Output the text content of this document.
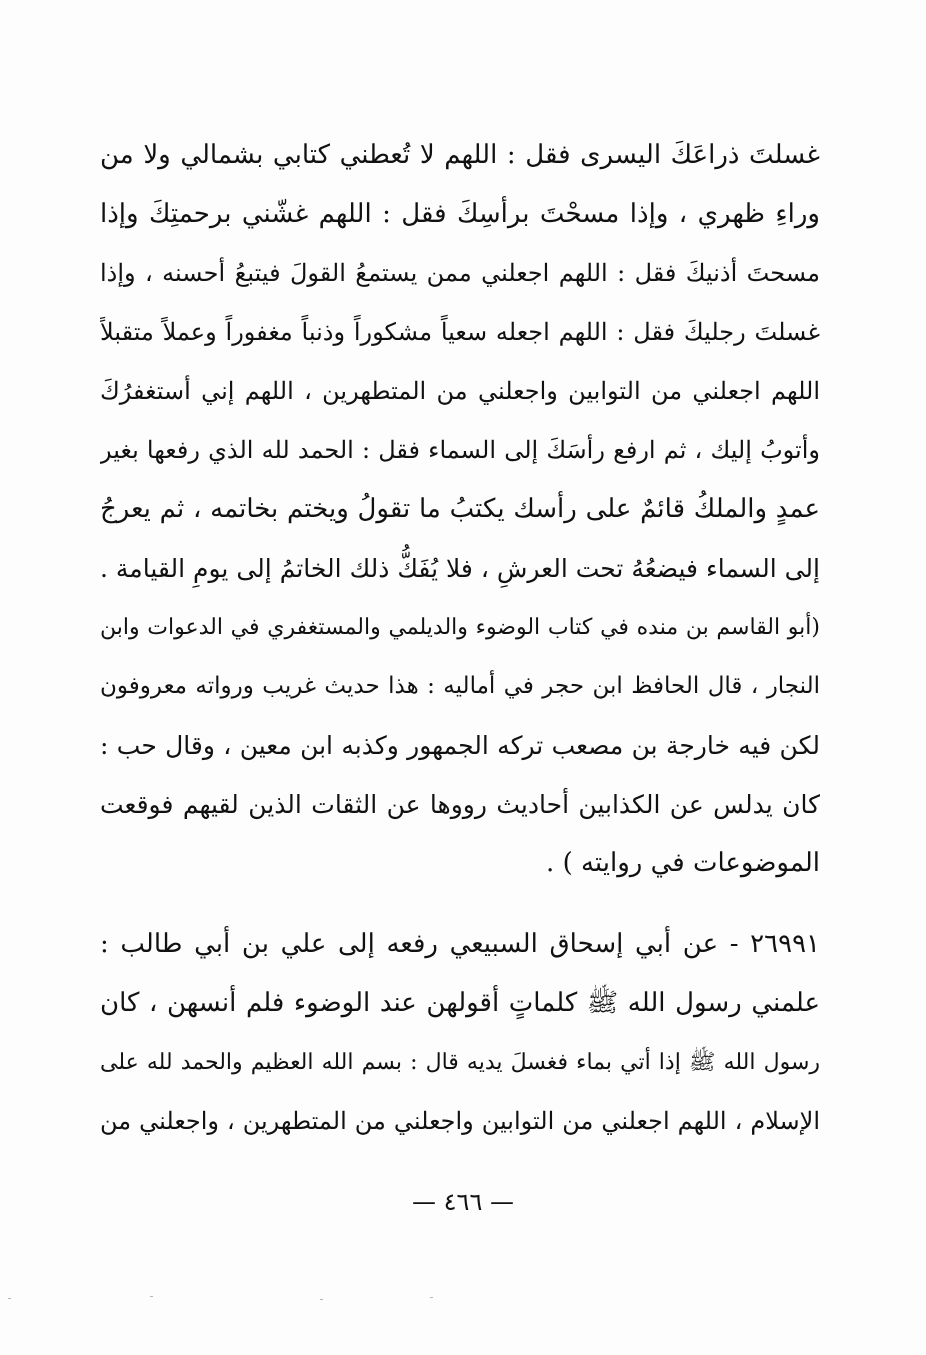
غسلتَ ذراعَكَ اليسرى فقل : اللهم لا تُعطني كتابي بشمالي ولا من
وراءِ ظهري ، وإذا مسحْتَ برأسِكَ فقل : اللهم غشّني برحمتِكَ وإذا
مسحتَ أذنيكَ فقل : اللهم اجعلني ممن يستمعُ القولَ فيتبعُ أحسنه ، وإذا
غسلتَ رجليكَ فقل : اللهم اجعله سعياً مشكوراً وذنباً مغفوراً وعملاً متقبلاً
اللهم اجعلني من التوابين واجعلني من المتطهرين ، اللهم إني أستغفرُكَ
وأتوبُ إليك ، ثم ارفع رأسَكَ إلى السماء فقل : الحمد لله الذي رفعها بغير
عمدٍ والملكُ قائمٌ على رأسك يكتبُ ما تقولُ ويختم بخاتمه ، ثم يعرجُ
إلى السماء فيضعُهُ تحت العرشِ ، فلا يُفَكُّ ذلك الخاتمُ إلى يومِ القيامة .
(أبو القاسم بن منده في كتاب الوضوء والديلمي والمستغفري في الدعوات وابن
النجار ، قال الحافظ ابن حجر في أماليه : هذا حديث غريب ورواته معروفون
لكن فيه خارجة بن مصعب تركه الجمهور وكذبه ابن معين ، وقال حب :
كان يدلس عن الكذابين أحاديث رووها عن الثقات الذين لقيهم فوقعت
الموضوعات في روايته ) .
٢٦٩٩١ - عن أبي إسحاق السبيعي رفعه إلى علي بن أبي طالب :
علمني رسول الله ﷺ كلماتٍ أقولهن عند الوضوء فلم أنسهن ، كان
رسول الله ﷺ إذا أتي بماء فغسلَ يديه قال : بسم الله العظيم والحمد لله على
الإسلام ، اللهم اجعلني من التوابين واجعلني من المتطهرين ، واجعلني من
— ٤٦٦ —
